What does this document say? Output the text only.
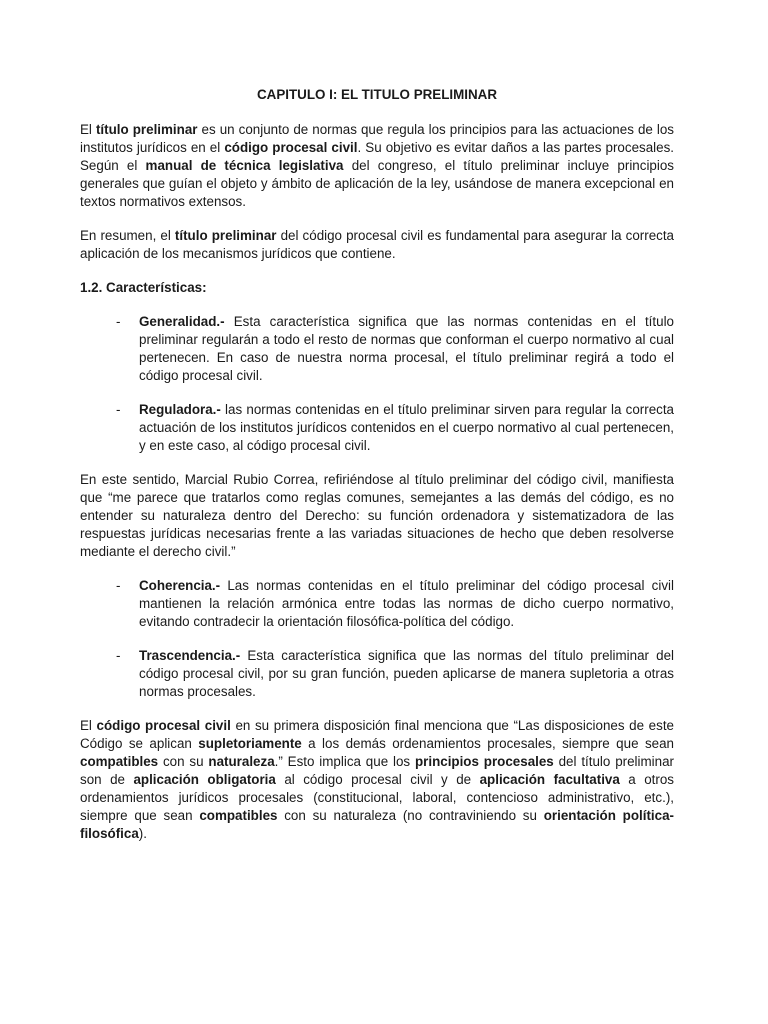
CAPITULO I: EL TITULO PRELIMINAR

El título preliminar es un conjunto de normas que regula los principios para las actuaciones de los institutos jurídicos en el código procesal civil. Su objetivo es evitar daños a las partes procesales. Según el manual de técnica legislativa del congreso, el título preliminar incluye principios generales que guían el objeto y ámbito de aplicación de la ley, usándose de manera excepcional en textos normativos extensos.

En resumen, el título preliminar del código procesal civil es fundamental para asegurar la correcta aplicación de los mecanismos jurídicos que contiene.

1.2. Características:

- Generalidad.- Esta característica significa que las normas contenidas en el título preliminar regularán a todo el resto de normas que conforman el cuerpo normativo al cual pertenecen. En caso de nuestra norma procesal, el título preliminar regirá a todo el código procesal civil.
- Reguladora.- las normas contenidas en el título preliminar sirven para regular la correcta actuación de los institutos jurídicos contenidos en el cuerpo normativo al cual pertenecen, y en este caso, al código procesal civil.

En este sentido, Marcial Rubio Correa, refiriéndose al título preliminar del código civil, manifiesta que “me parece que tratarlos como reglas comunes, semejantes a las demás del código, es no entender su naturaleza dentro del Derecho: su función ordenadora y sistematizadora de las respuestas jurídicas necesarias frente a las variadas situaciones de hecho que deben resolverse mediante el derecho civil.”

- Coherencia.- Las normas contenidas en el título preliminar del código procesal civil mantienen la relación armónica entre todas las normas de dicho cuerpo normativo, evitando contradecir la orientación filosófica-política del código.
- Trascendencia.- Esta característica significa que las normas del título preliminar del código procesal civil, por su gran función, pueden aplicarse de manera supletoria a otras normas procesales.

El código procesal civil en su primera disposición final menciona que “Las disposiciones de este Código se aplican supletoriamente a los demás ordenamientos procesales, siempre que sean compatibles con su naturaleza.” Esto implica que los principios procesales del título preliminar son de aplicación obligatoria al código procesal civil y de aplicación facultativa a otros ordenamientos jurídicos procesales (constitucional, laboral, contencioso administrativo, etc.), siempre que sean compatibles con su naturaleza (no contraviniendo su orientación política-filosófica).
